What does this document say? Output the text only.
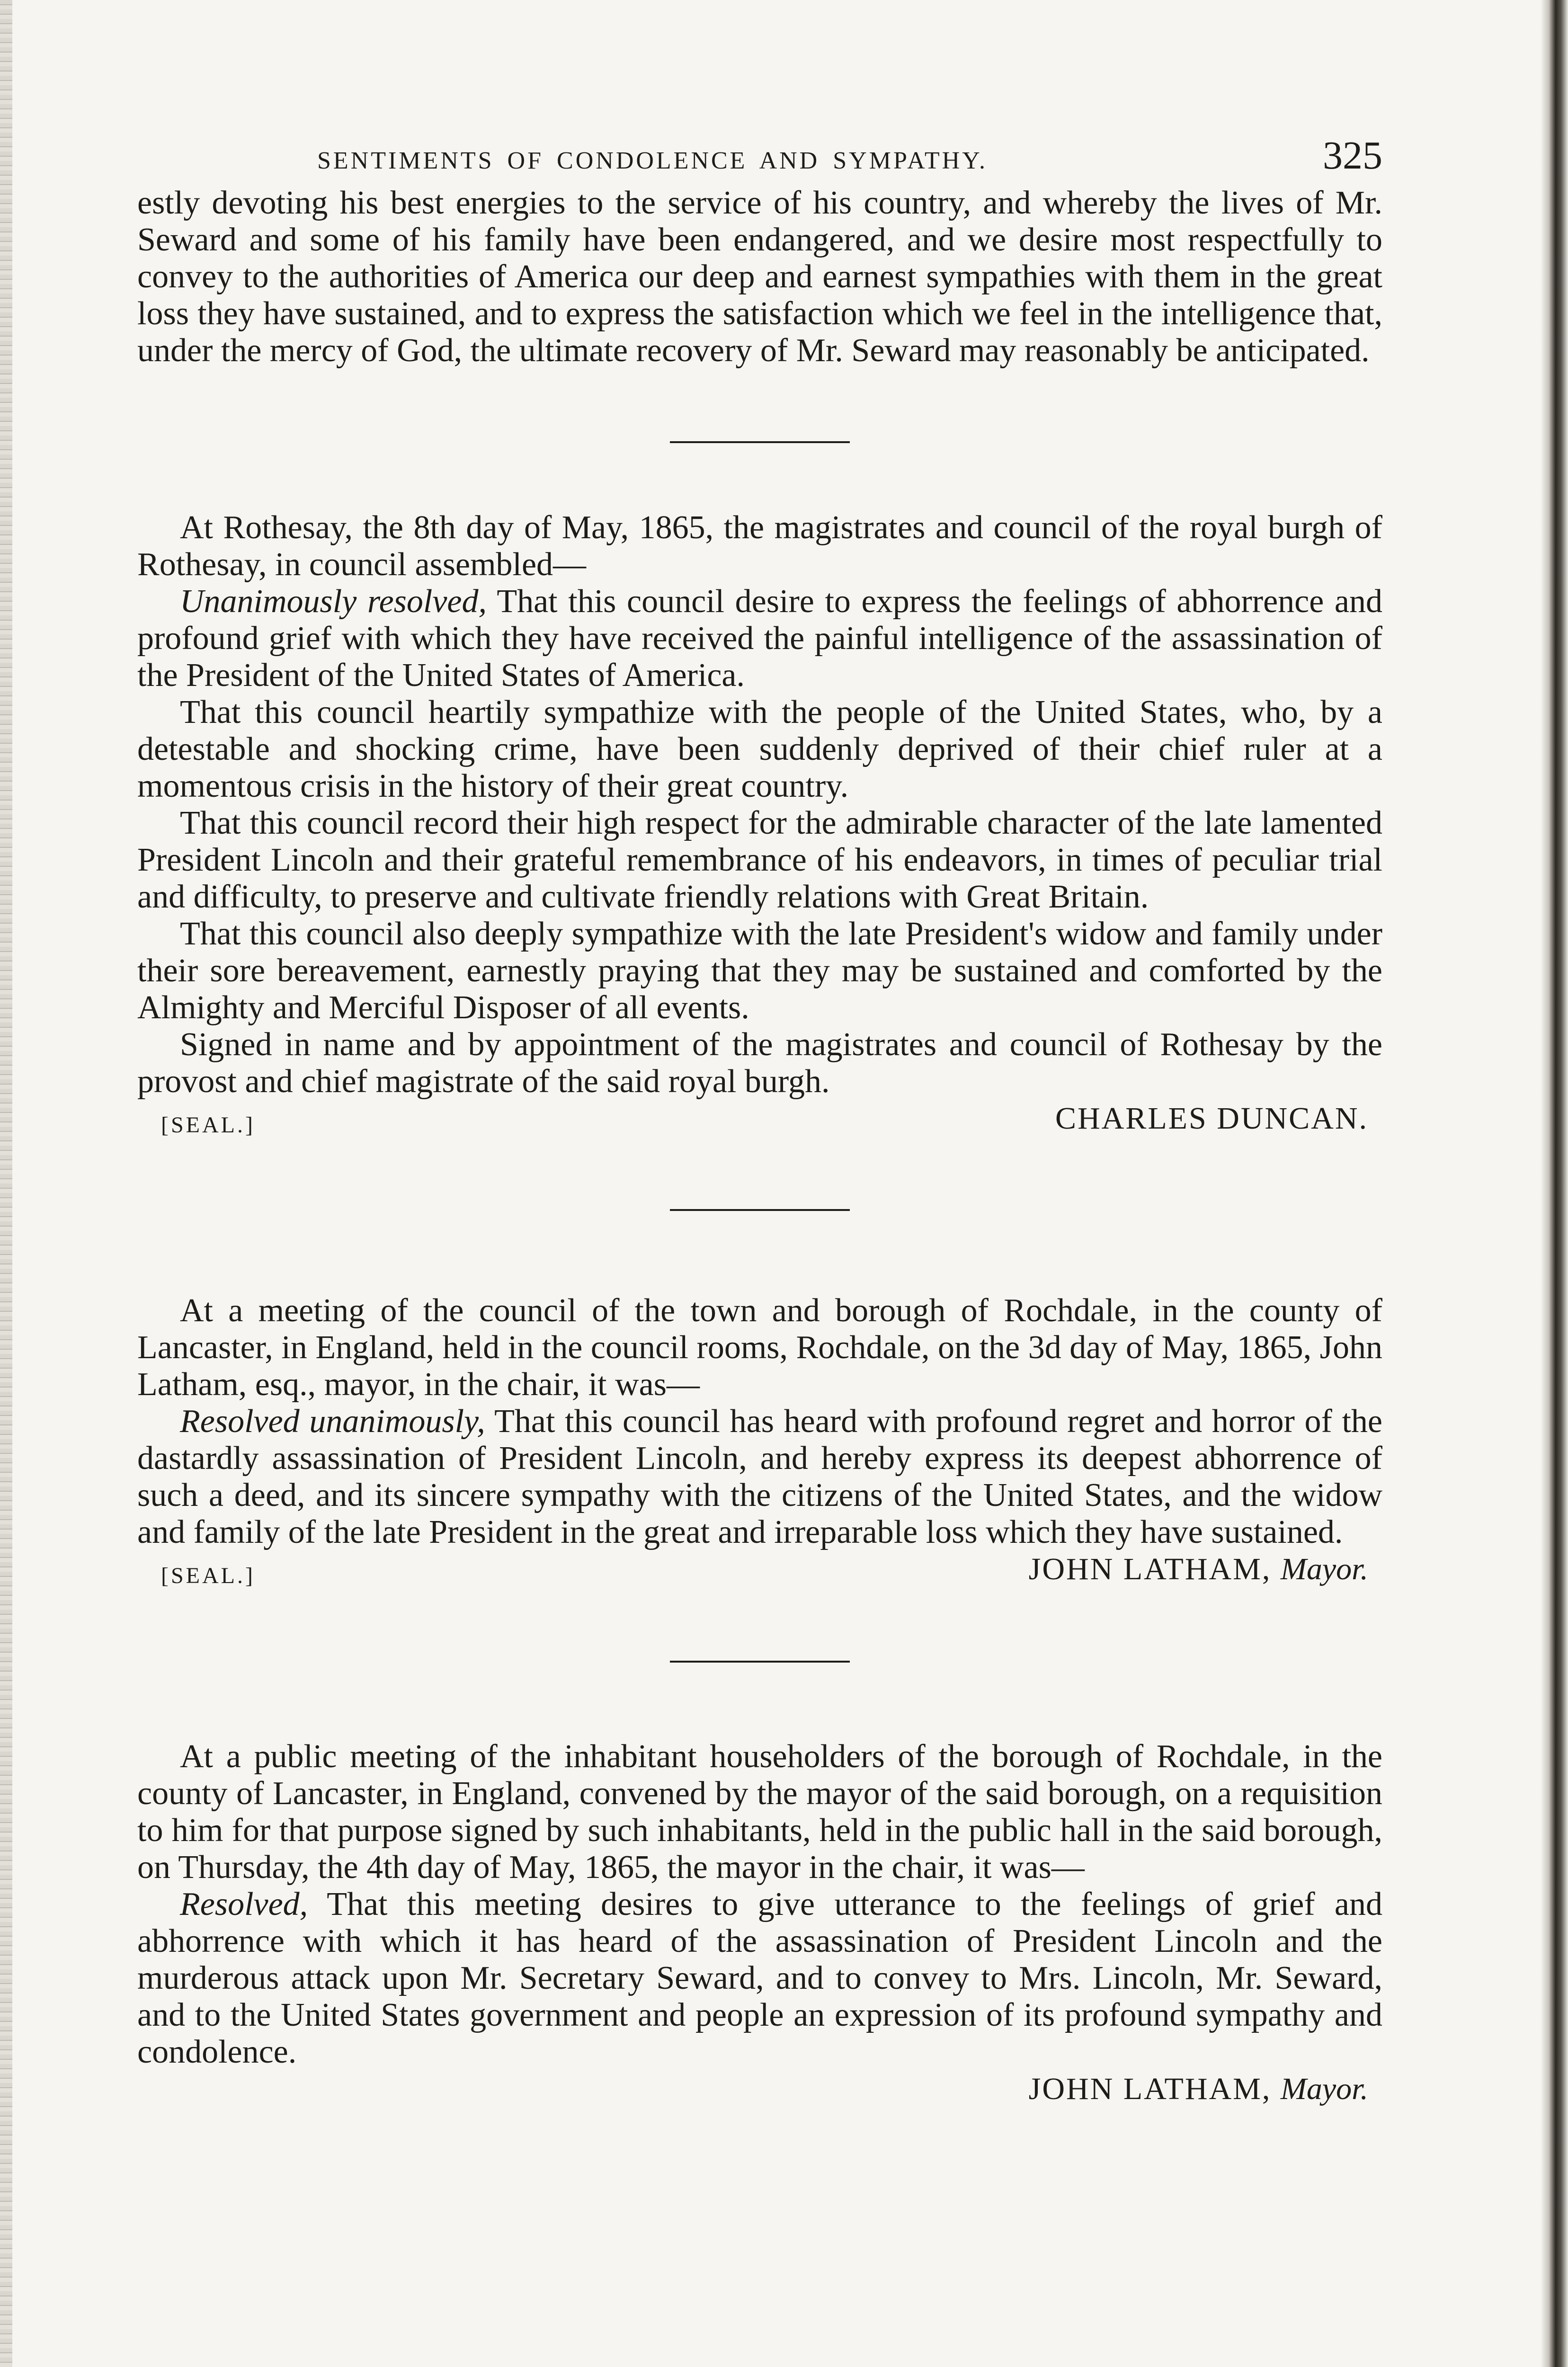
SENTIMENTS OF CONDOLENCE AND SYMPATHY.	325

estly devoting his best energies to the service of his country, and whereby the lives of Mr. Seward and some of his family have been endangered, and we desire most respectfully to convey to the authorities of America our deep and earnest sympathies with them in the great loss they have sustained, and to express the satisfaction which we feel in the intelligence that, under the mercy of God, the ultimate recovery of Mr. Seward may reasonably be anticipated.

At Rothesay, the 8th day of May, 1865, the magistrates and council of the royal burgh of Rothesay, in council assembled—

Unanimously resolved, That this council desire to express the feelings of abhorrence and profound grief with which they have received the painful intelligence of the assassination of the President of the United States of America.

That this council heartily sympathize with the people of the United States, who, by a detestable and shocking crime, have been suddenly deprived of their chief ruler at a momentous crisis in the history of their great country.

That this council record their high respect for the admirable character of the late lamented President Lincoln and their grateful remembrance of his endeavors, in times of peculiar trial and difficulty, to preserve and cultivate friendly relations with Great Britain.

That this council also deeply sympathize with the late President's widow and family under their sore bereavement, earnestly praying that they may be sustained and comforted by the Almighty and Merciful Disposer of all events.

Signed in name and by appointment of the magistrates and council of Rothesay by the provost and chief magistrate of the said royal burgh.

[SEAL.]	CHARLES DUNCAN.

At a meeting of the council of the town and borough of Rochdale, in the county of Lancaster, in England, held in the council rooms, Rochdale, on the 3d day of May, 1865, John Latham, esq., mayor, in the chair, it was—

Resolved unanimously, That this council has heard with profound regret and horror of the dastardly assassination of President Lincoln, and hereby express its deepest abhorrence of such a deed, and its sincere sympathy with the citizens of the United States, and the widow and family of the late President in the great and irreparable loss which they have sustained.

[SEAL.]	JOHN LATHAM, Mayor.

At a public meeting of the inhabitant householders of the borough of Rochdale, in the county of Lancaster, in England, convened by the mayor of the said borough, on a requisition to him for that purpose signed by such inhabitants, held in the public hall in the said borough, on Thursday, the 4th day of May, 1865, the mayor in the chair, it was—

Resolved, That this meeting desires to give utterance to the feelings of grief and abhorrence with which it has heard of the assassination of President Lincoln and the murderous attack upon Mr. Secretary Seward, and to convey to Mrs. Lincoln, Mr. Seward, and to the United States government and people an expression of its profound sympathy and condolence.

JOHN LATHAM, Mayor.
